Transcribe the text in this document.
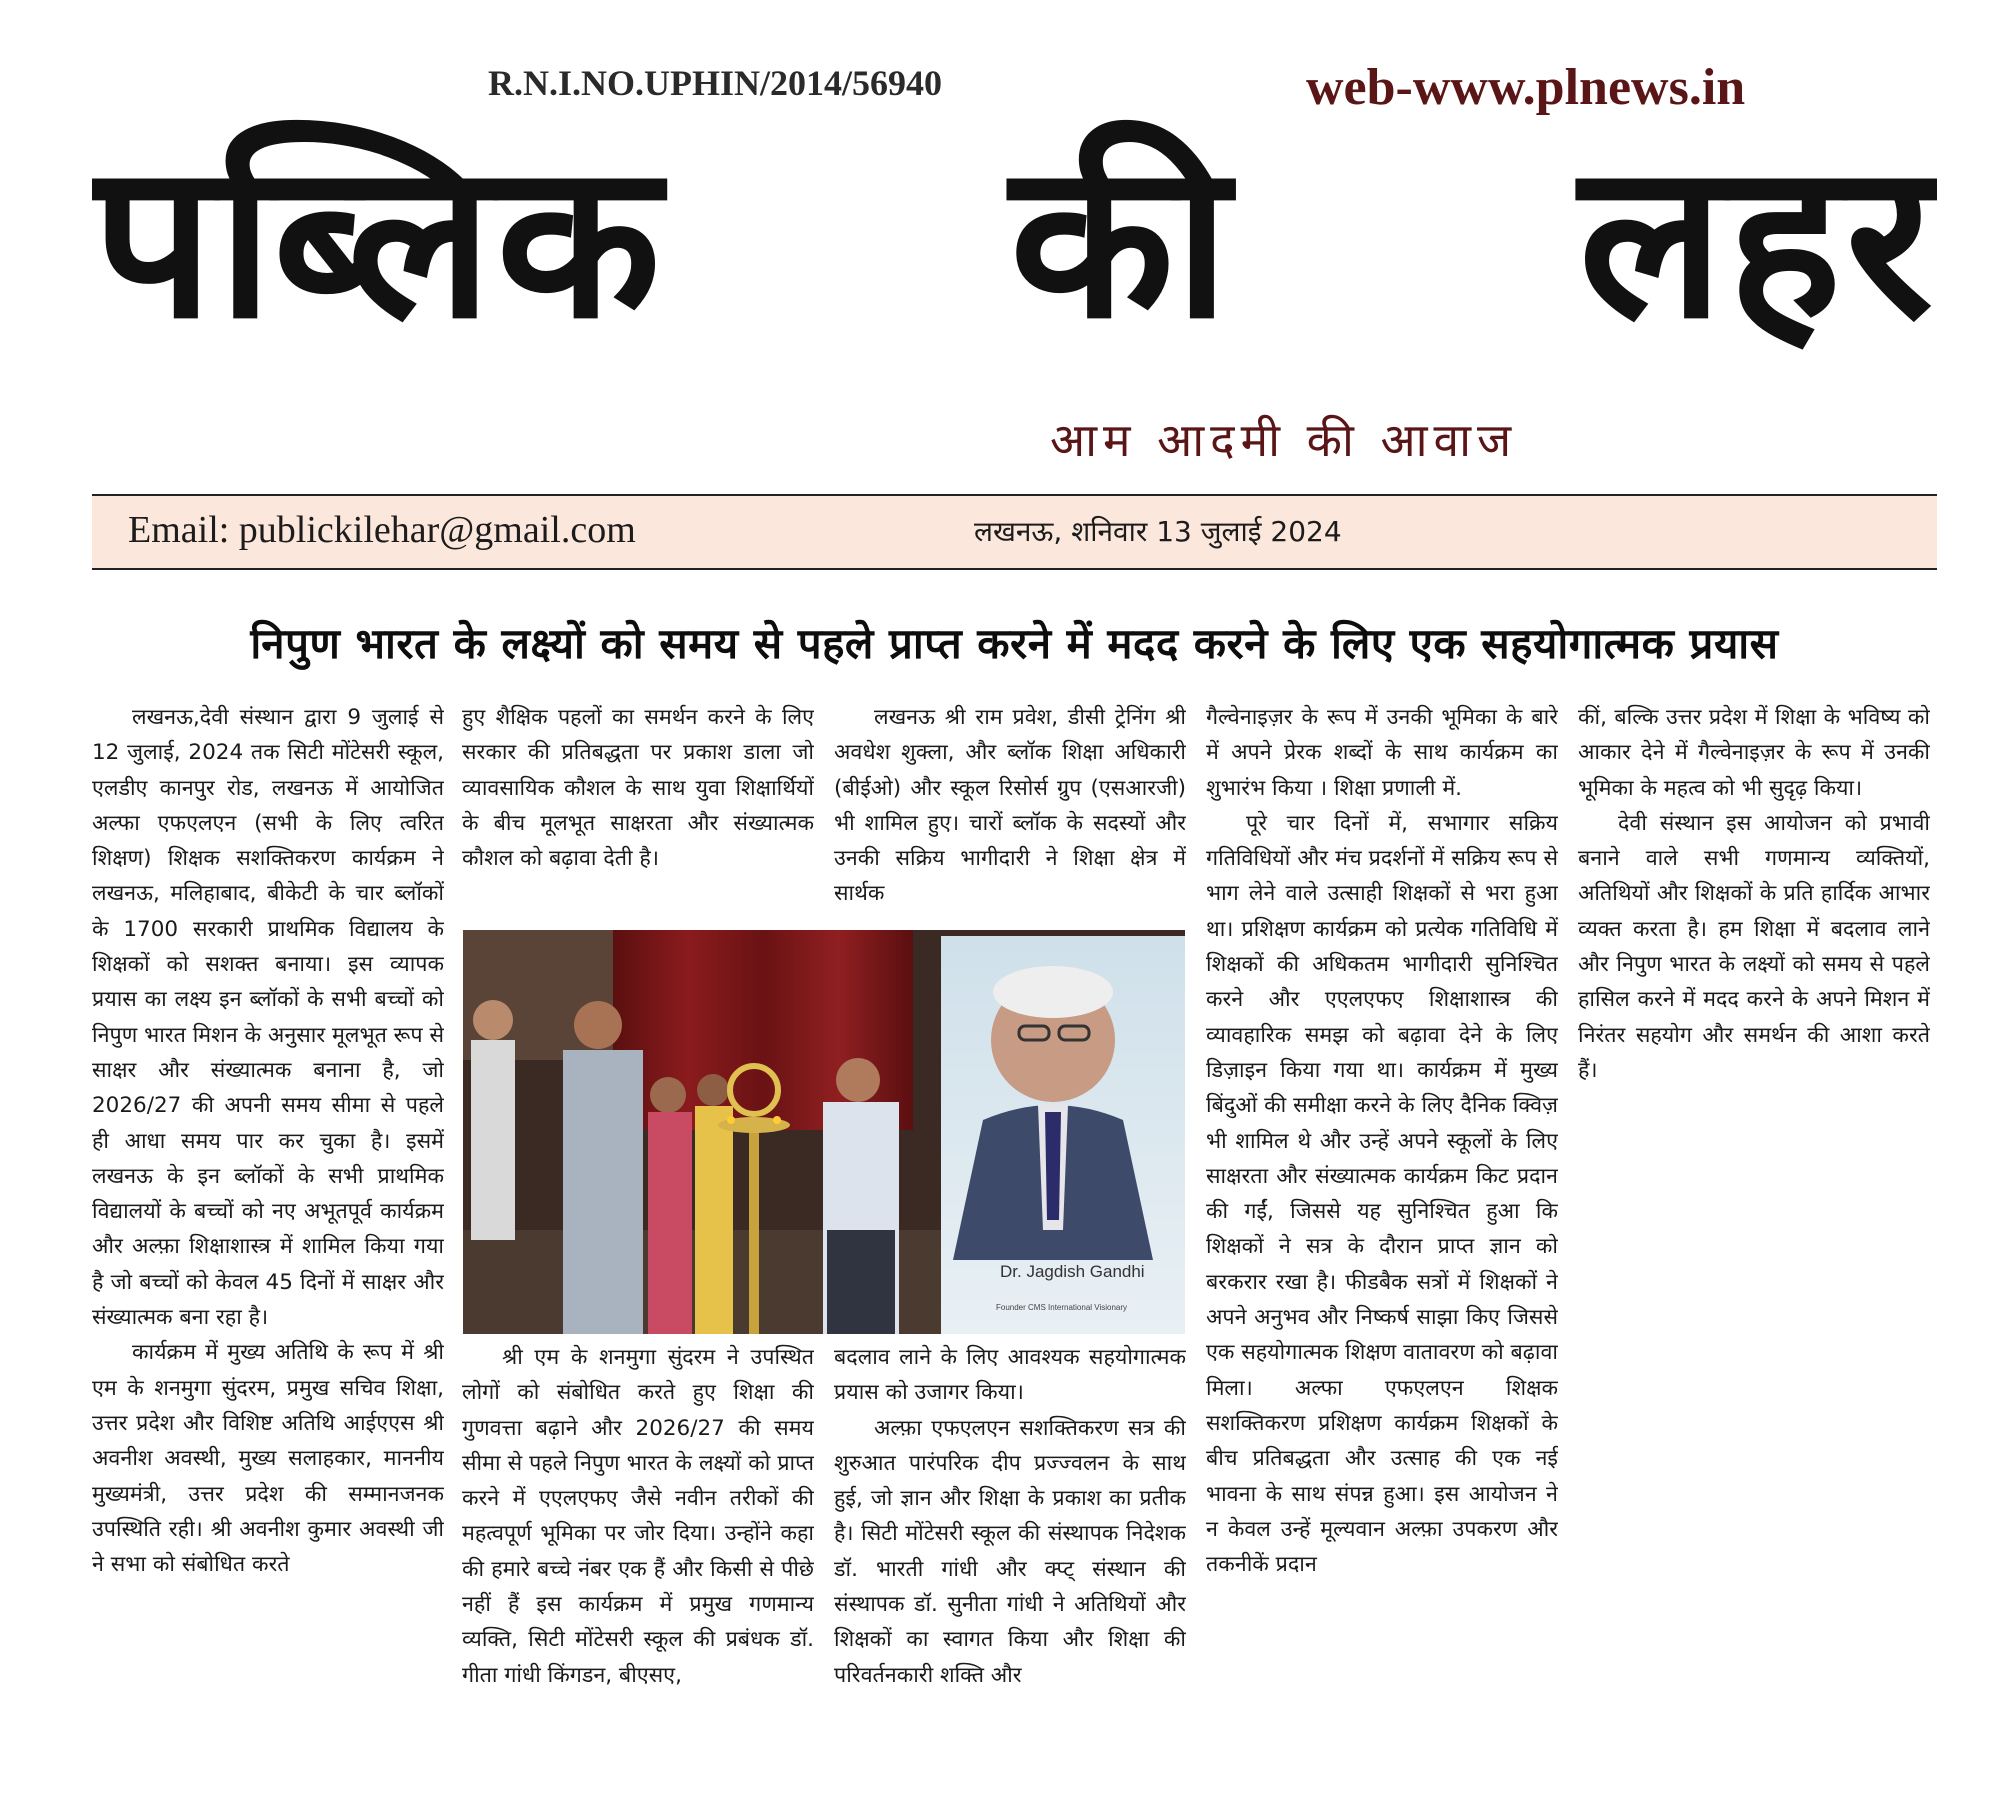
R.N.I.NO.UPHIN/2014/56940	web-www.plnews.in
पब्लिक की लहर
आम आदमी की आवाज
Email: publickilehar@gmail.com	लखनऊ, शनिवार 13 जुलाई 2024
निपुण भारत के लक्ष्यों को समय से पहले प्राप्त करने में मदद करने के लिए एक सहयोगात्मक प्रयास

लखनऊ,देवी संस्थान द्वारा 9 जुलाई से 12 जुलाई, 2024 तक सिटी मोंटेसरी स्कूल, एलडीए कानपुर रोड, लखनऊ में आयोजित अल्फा एफएलएन (सभी के लिए त्वरित शिक्षण) शिक्षक सशक्तिकरण कार्यक्रम ने लखनऊ, मलिहाबाद, बीकेटी के चार ब्लॉकों के 1700 सरकारी प्राथमिक विद्यालय के शिक्षकों को सशक्त बनाया। इस व्यापक प्रयास का लक्ष्य इन ब्लॉकों के सभी बच्चों को निपुण भारत मिशन के अनुसार मूलभूत रूप से साक्षर और संख्यात्मक बनाना है, जो 2026/27 की अपनी समय सीमा से पहले ही आधा समय पार कर चुका है। इसमें लखनऊ के इन ब्लॉकों के सभी प्राथमिक विद्यालयों के बच्चों को नए अभूतपूर्व कार्यक्रम और अल्फ़ा शिक्षाशास्त्र में शामिल किया गया है जो बच्चों को केवल 45 दिनों में साक्षर और संख्यात्मक बना रहा है।

कार्यक्रम में मुख्य अतिथि के रूप में श्री एम के शनमुगा सुंदरम, प्रमुख सचिव शिक्षा, उत्तर प्रदेश और विशिष्ट अतिथि आईएएस श्री अवनीश अवस्थी, मुख्य सलाहकार, माननीय मुख्यमंत्री, उत्तर प्रदेश की सम्मानजनक उपस्थिति रही। श्री अवनीश कुमार अवस्थी जी ने सभा को संबोधित करते

हुए शैक्षिक पहलों का समर्थन करने के लिए सरकार की प्रतिबद्धता पर प्रकाश डाला जो व्यावसायिक कौशल के साथ युवा शिक्षार्थियों के बीच मूलभूत साक्षरता और संख्यात्मक कौशल को बढ़ावा देती है।

लखनऊ श्री राम प्रवेश, डीसी ट्रेनिंग श्री अवधेश शुक्ला, और ब्लॉक शिक्षा अधिकारी (बीईओ) और स्कूल रिसोर्स ग्रुप (एसआरजी) भी शामिल हुए। चारों ब्लॉक के सदस्यों और उनकी सक्रिय भागीदारी ने शिक्षा क्षेत्र में सार्थक

Dr. Jagdish Gandhi
Founder CMS International Visionary

श्री एम के शनमुगा सुंदरम ने उपस्थित लोगों को संबोधित करते हुए शिक्षा की गुणवत्ता बढ़ाने और 2026/27 की समय सीमा से पहले निपुण भारत के लक्ष्यों को प्राप्त करने में एएलएफए जैसे नवीन तरीकों की महत्वपूर्ण भूमिका पर जोर दिया। उन्होंने कहा की हमारे बच्चे नंबर एक हैं और किसी से पीछे नहीं हैं इस कार्यक्रम में प्रमुख गणमान्य व्यक्ति, सिटी मोंटेसरी स्कूल की प्रबंधक डॉ. गीता गांधी किंगडन, बीएसए,

बदलाव लाने के लिए आवश्यक सहयोगात्मक प्रयास को उजागर किया।

अल्फ़ा एफएलएन सशक्तिकरण सत्र की शुरुआत पारंपरिक दीप प्रज्ज्वलन के साथ हुई, जो ज्ञान और शिक्षा के प्रकाश का प्रतीक है। सिटी मोंटेसरी स्कूल की संस्थापक निदेशक डॉ. भारती गांधी और क्प्ट् संस्थान की संस्थापक डॉ. सुनीता गांधी ने अतिथियों और शिक्षकों का स्वागत किया और शिक्षा की परिवर्तनकारी शक्ति और

गैल्वेनाइज़र के रूप में उनकी भूमिका के बारे में अपने प्रेरक शब्दों के साथ कार्यक्रम का शुभारंभ किया । शिक्षा प्रणाली में.

पूरे चार दिनों में, सभागार सक्रिय गतिविधियों और मंच प्रदर्शनों में सक्रिय रूप से भाग लेने वाले उत्साही शिक्षकों से भरा हुआ था। प्रशिक्षण कार्यक्रम को प्रत्येक गतिविधि में शिक्षकों की अधिकतम भागीदारी सुनिश्चित करने और एएलएफए शिक्षाशास्त्र की व्यावहारिक समझ को बढ़ावा देने के लिए डिज़ाइन किया गया था। कार्यक्रम में मुख्य बिंदुओं की समीक्षा करने के लिए दैनिक क्विज़ भी शामिल थे और उन्हें अपने स्कूलों के लिए साक्षरता और संख्यात्मक कार्यक्रम किट प्रदान की गईं, जिससे यह सुनिश्चित हुआ कि शिक्षकों ने सत्र के दौरान प्राप्त ज्ञान को बरकरार रखा है। फीडबैक सत्रों में शिक्षकों ने अपने अनुभव और निष्कर्ष साझा किए जिससे एक सहयोगात्मक शिक्षण वातावरण को बढ़ावा मिला। अल्फा एफएलएन शिक्षक सशक्तिकरण प्रशिक्षण कार्यक्रम शिक्षकों के बीच प्रतिबद्धता और उत्साह की एक नई भावना के साथ संपन्न हुआ। इस आयोजन ने न केवल उन्हें मूल्यवान अल्फ़ा उपकरण और तकनीकें प्रदान

कीं, बल्कि उत्तर प्रदेश में शिक्षा के भविष्य को आकार देने में गैल्वेनाइज़र के रूप में उनकी भूमिका के महत्व को भी सुदृढ़ किया।

देवी संस्थान इस आयोजन को प्रभावी बनाने वाले सभी गणमान्य व्यक्तियों, अतिथियों और शिक्षकों के प्रति हार्दिक आभार व्यक्त करता है। हम शिक्षा में बदलाव लाने और निपुण भारत के लक्ष्यों को समय से पहले हासिल करने में मदद करने के अपने मिशन में निरंतर सहयोग और समर्थन की आशा करते हैं।
